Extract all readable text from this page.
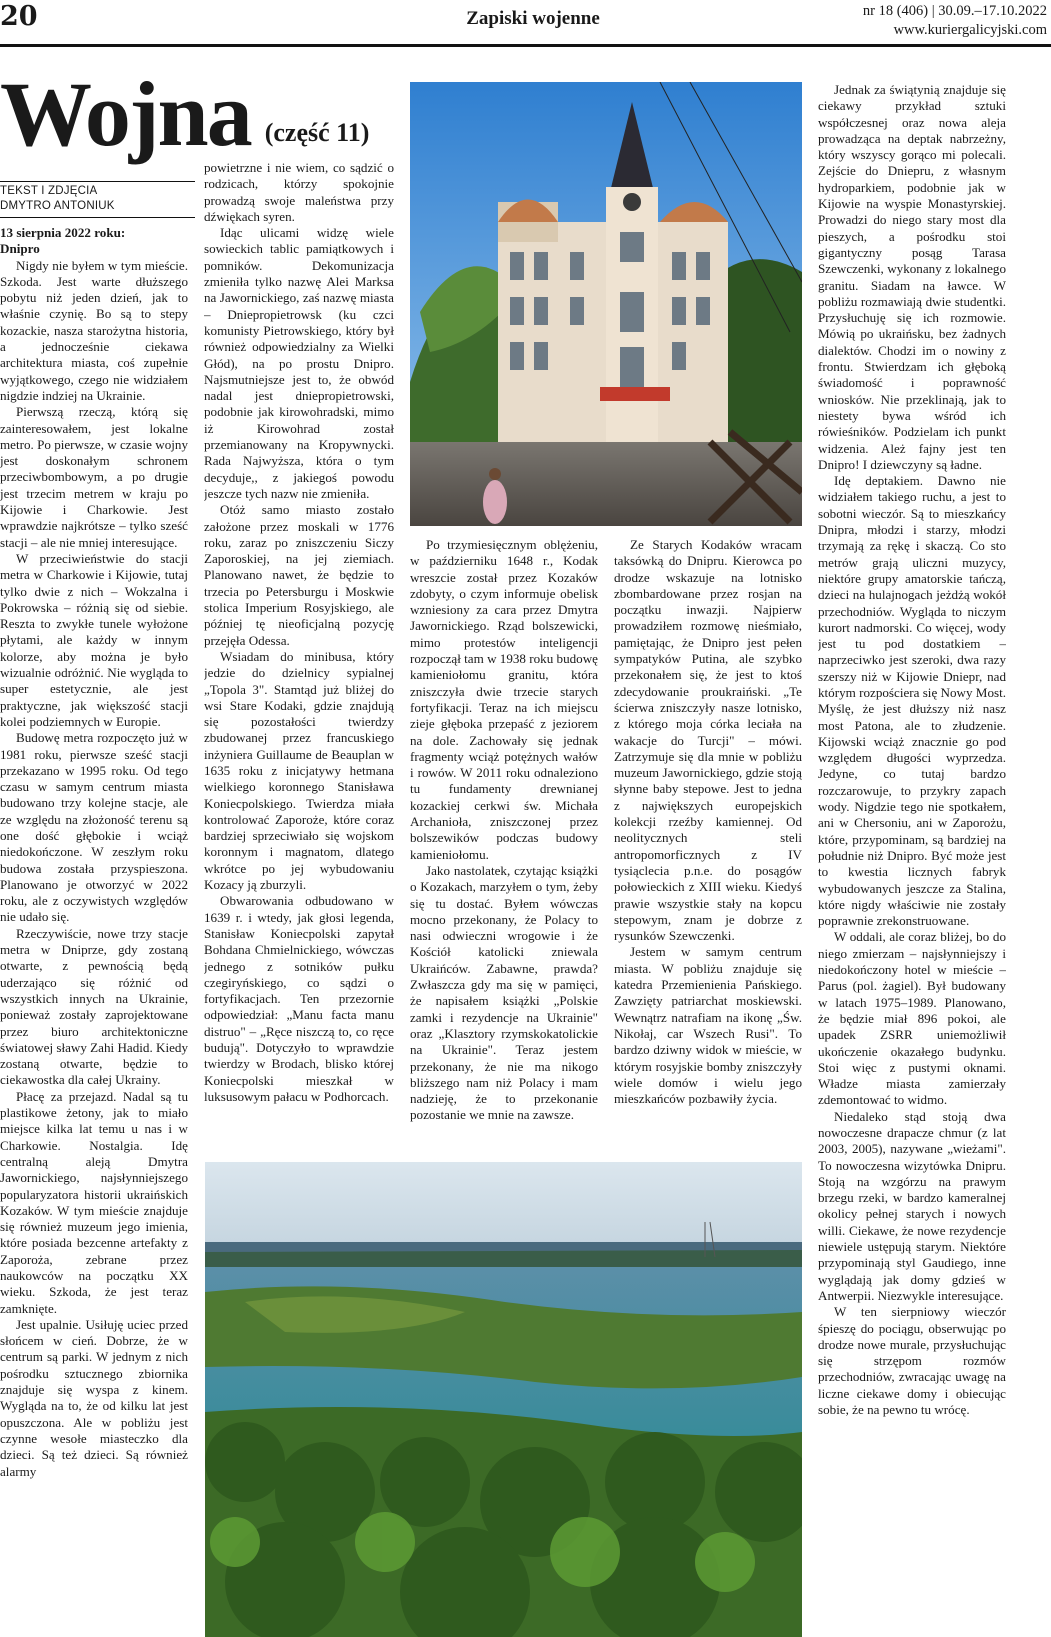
20	Zapiski wojenne	nr 18 (406) | 30.09.–17.10.2022
www.kuriergalicyjski.com
Wojna (część 11)
TEKST I ZDJĘCIA
DMYTRO ANTONIUK

13 sierpnia 2022 roku:

Dnipro

Nigdy nie byłem w tym mieście. Szkoda. Jest warte dłuższego pobytu niż jeden dzień, jak to właśnie czynię. Bo są to stepy kozackie, nasza starożytna historia, a jednocześnie ciekawa architektura miasta, coś zupełnie wyjątkowego, czego nie widziałem nigdzie indziej na Ukrainie.

Pierwszą rzeczą, którą się zainteresowałem, jest lokalne metro. Po pierwsze, w czasie wojny jest doskonałym schronem przeciwbombowym, a po drugie jest trzecim metrem w kraju po Kijowie i Charkowie. Jest wprawdzie najkrótsze – tylko sześć stacji – ale nie mniej interesujące.

W przeciwieństwie do stacji metra w Charkowie i Kijowie, tutaj tylko dwie z nich – Wokzalna i Pokrowska – różnią się od siebie. Reszta to zwykłe tunele wyłożone płytami, ale każdy w innym kolorze, aby można je było wizualnie odróżnić. Nie wygląda to super estetycznie, ale jest praktyczne, jak większość stacji kolei podziemnych w Europie.

Budowę metra rozpoczęto już w 1981 roku, pierwsze sześć stacji przekazano w 1995 roku. Od tego czasu w samym centrum miasta budowano trzy kolejne stacje, ale ze względu na złożoność terenu są one dość głębokie i wciąż niedokończone. W zeszłym roku budowa została przyspieszona. Planowano je otworzyć w 2022 roku, ale z oczywistych względów nie udało się.

Rzeczywiście, nowe trzy stacje metra w Dniprze, gdy zostaną otwarte, z pewnością będą uderzająco się różnić od wszystkich innych na Ukrainie, ponieważ zostały zaprojektowane przez biuro architektoniczne światowej sławy Zahi Hadid. Kiedy zostaną otwarte, będzie to ciekawostka dla całej Ukrainy.

Płacę za przejazd. Nadal są tu plastikowe żetony, jak to miało miejsce kilka lat temu u nas i w Charkowie. Nostalgia. Idę centralną aleją Dmytra Jawornickiego, najsłynniejszego popularyzatora historii ukraińskich Kozaków. W tym mieście znajduje się również muzeum jego imienia, które posiada bezcenne artefakty z Zaporoża, zebrane przez naukowców na początku XX wieku. Szkoda, że jest teraz zamknięte.

Jest upalnie. Usiłuję uciec przed słońcem w cień. Dobrze, że w centrum są parki. W jednym z nich pośrodku sztucznego zbiornika znajduje się wyspa z kinem. Wygląda na to, że od kilku lat jest opuszczona. Ale w pobliżu jest czynne wesołe miasteczko dla dzieci. Są też dzieci. Są również alarmy

powietrzne i nie wiem, co sądzić o rodzicach, którzy spokojnie prowadzą swoje maleństwa przy dźwiękach syren.

Idąc ulicami widzę wiele sowieckich tablic pamiątkowych i pomników. Dekomunizacja zmieniła tylko nazwę Alei Marksa na Jawornickiego, zaś nazwę miasta – Dniepropietrowsk (ku czci komunisty Pietrowskiego, który był również odpowiedzialny za Wielki Głód), na po prostu Dnipro. Najsmutniejsze jest to, że obwód nadal jest dniepropietrowski, podobnie jak kirowohradski, mimo iż Kirowohrad został przemianowany na Kropywnycki. Rada Najwyższa, która o tym decyduje,, z jakiegoś powodu jeszcze tych nazw nie zmieniła.

Otóż samo miasto zostało założone przez moskali w 1776 roku, zaraz po zniszczeniu Siczy Zaporoskiej, na jej ziemiach. Planowano nawet, że będzie to trzecia po Petersburgu i Moskwie stolica Imperium Rosyjskiego, ale później tę nieoficjalną pozycję przejęła Odessa.

Wsiadam do minibusa, który jedzie do dzielnicy sypialnej „Topola 3". Stamtąd już bliżej do wsi Stare Kodaki, gdzie znajdują się pozostałości twierdzy zbudowanej przez francuskiego inżyniera Guillaume de Beauplan w 1635 roku z inicjatywy hetmana wielkiego koronnego Stanisława Koniecpolskiego. Twierdza miała kontrolować Zaporoże, które coraz bardziej sprzeciwiało się wojskom koronnym i magnatom, dlatego wkrótce po jej wybudowaniu Kozacy ją zburzyli.

Obwarowania odbudowano w 1639 r. i wtedy, jak głosi legenda, Stanisław Koniecpolski zapytał Bohdana Chmielnickiego, wówczas jednego z sotników pułku czegiryńskiego, co sądzi o fortyfikacjach. Ten przezornie odpowiedział: „Manu facta manu distruo" – „Ręce niszczą to, co ręce budują". Dotyczyło to wprawdzie twierdzy w Brodach, blisko której Koniecpolski mieszkał w luksusowym pałacu w Podhorcach.

Po trzymiesięcznym oblężeniu, w październiku 1648 r., Kodak wreszcie został przez Kozaków zdobyty, o czym informuje obelisk wzniesiony za cara przez Dmytra Jawornickiego. Rząd bolszewicki, mimo protestów inteligencji rozpoczął tam w 1938 roku budowę kamieniołomu granitu, która zniszczyła dwie trzecie starych fortyfikacji. Teraz na ich miejscu zieje głęboka przepaść z jeziorem na dole. Zachowały się jednak fragmenty wciąż potężnych wałów i rowów. W 2011 roku odnaleziono tu fundamenty drewnianej kozackiej cerkwi św. Michała Archanioła, zniszczonej przez bolszewików podczas budowy kamieniołomu.

Jako nastolatek, czytając książki o Kozakach, marzyłem o tym, żeby się tu dostać. Byłem wówczas mocno przekonany, że Polacy to nasi odwieczni wrogowie i że Kościół katolicki zniewala Ukraińców. Zabawne, prawda? Zwłaszcza gdy ma się w pamięci, że napisałem książki „Polskie zamki i rezydencje na Ukrainie" oraz „Klasztory rzymskokatolickie na Ukrainie". Teraz jestem przekonany, że nie ma nikogo bliższego nam niż Polacy i mam nadzieję, że to przekonanie pozostanie we mnie na zawsze.

Ze Starych Kodaków wracam taksówką do Dnipru. Kierowca po drodze wskazuje na lotnisko zbombardowane przez rosjan na początku inwazji. Najpierw prowadziłem rozmowę nieśmiało, pamiętając, że Dnipro jest pełen sympatyków Putina, ale szybko przekonałem się, że jest to ktoś zdecydowanie proukraiński. „Te ścierwa zniszczyły nasze lotnisko, z którego moja córka leciała na wakacje do Turcji" – mówi. Zatrzymuje się dla mnie w pobliżu muzeum Jawornickiego, gdzie stoją słynne baby stepowe. Jest to jedna z największych europejskich kolekcji rzeźby kamiennej. Od neolitycznych steli antropomorficznych z IV tysiąclecia p.n.e. do posągów połowieckich z XIII wieku. Kiedyś prawie wszystkie stały na kopcu stepowym, znam je dobrze z rysunków Szewczenki.

Jestem w samym centrum miasta. W pobliżu znajduje się katedra Przemienienia Pańskiego. Zawzięty patriarchat moskiewski. Wewnątrz natrafiam na ikonę „Św. Nikołaj, car Wszech Rusi". To bardzo dziwny widok w mieście, w którym rosyjskie bomby zniszczyły wiele domów i wielu jego mieszkańców pozbawiły życia.

Jednak za świątynią znajduje się ciekawy przykład sztuki współczesnej oraz nowa aleja prowadząca na deptak nabrzeżny, który wszyscy gorąco mi polecali. Zejście do Dniepru, z własnym hydroparkiem, podobnie jak w Kijowie na wyspie Monastyrskiej. Prowadzi do niego stary most dla pieszych, a pośrodku stoi gigantyczny posąg Tarasa Szewczenki, wykonany z lokalnego granitu. Siadam na ławce. W pobliżu rozmawiają dwie studentki. Przysłuchuję się ich rozmowie. Mówią po ukraińsku, bez żadnych dialektów. Chodzi im o nowiny z frontu. Stwierdzam ich głęboką świadomość i poprawność wniosków. Nie przeklinają, jak to niestety bywa wśród ich rówieśników. Podzielam ich punkt widzenia. Ależ fajny jest ten Dnipro! I dziewczyny są ładne.

Idę deptakiem. Dawno nie widziałem takiego ruchu, a jest to sobotni wieczór. Są to mieszkańcy Dnipra, młodzi i starzy, młodzi trzymają za rękę i skaczą. Co sto metrów grają uliczni muzycy, niektóre grupy amatorskie tańczą, dzieci na hulajnogach jeżdżą wokół przechodniów. Wygląda to niczym kurort nadmorski. Co więcej, wody jest tu pod dostatkiem – naprzeciwko jest szeroki, dwa razy szerszy niż w Kijowie Dniepr, nad którym rozpościera się Nowy Most. Myślę, że jest dłuższy niż nasz most Patona, ale to złudzenie. Kijowski wciąż znacznie go pod względem długości wyprzedza. Jedyne, co tutaj bardzo rozczarowuje, to przykry zapach wody. Nigdzie tego nie spotkałem, ani w Chersoniu, ani w Zaporożu, które, przypominam, są bardziej na południe niż Dnipro. Być może jest to kwestia licznych fabryk wybudowanych jeszcze za Stalina, które nigdy właściwie nie zostały poprawnie zrekonstruowane.

W oddali, ale coraz bliżej, bo do niego zmierzam – najsłynniejszy i niedokończony hotel w mieście – Parus (pol. żagiel). Był budowany w latach 1975–1989. Planowano, że będzie miał 896 pokoi, ale upadek ZSRR uniemożliwił ukończenie okazałego budynku. Stoi więc z pustymi oknami. Władze miasta zamierzały zdemontować to widmo.

Niedaleko stąd stoją dwa nowoczesne drapacze chmur (z lat 2003, 2005), nazywane „wieżami". To nowoczesna wizytówka Dnipru. Stoją na wzgórzu na prawym brzegu rzeki, w bardzo kameralnej okolicy pełnej starych i nowych willi. Ciekawe, że nowe rezydencje niewiele ustępują starym. Niektóre przypominają styl Gaudiego, inne wyglądają jak domy gdzieś w Antwerpii. Niezwykle interesujące.

W ten sierpniowy wieczór śpieszę do pociągu, obserwując po drodze nowe murale, przysłuchując się strzępom rozmów przechodniów, zwracając uwagę na liczne ciekawe domy i obiecując sobie, że na pewno tu wrócę.
